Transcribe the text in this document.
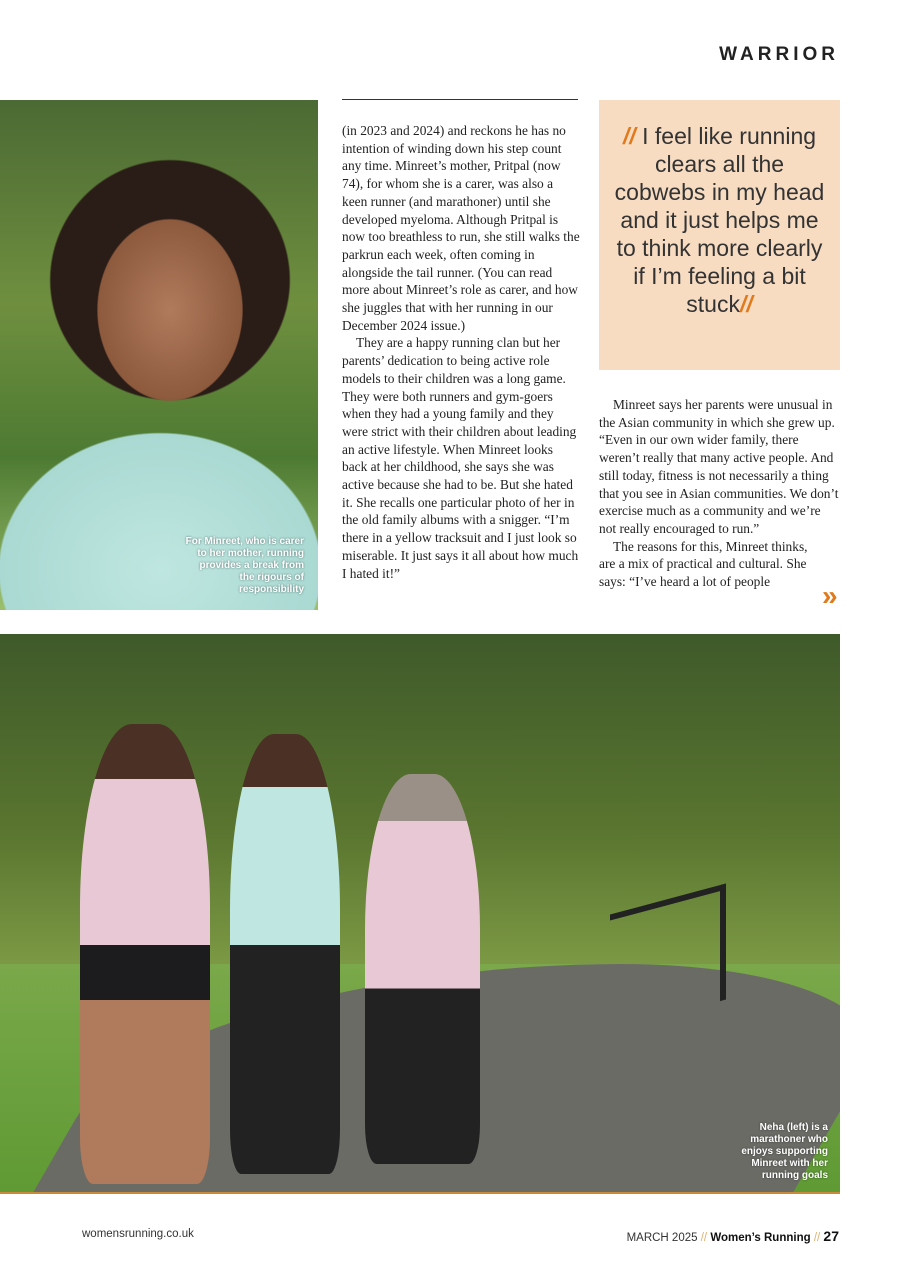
WARRIOR
For Minreet, who is carer to her mother, running provides a break from the rigours of responsibility

(in 2023 and 2024) and reckons he has no intention of winding down his step count any time. Minreet’s mother, Pritpal (now 74), for whom she is a carer, was also a keen runner (and marathoner) until she developed myeloma. Although Pritpal is now too breathless to run, she still walks the parkrun each week, often coming in alongside the tail runner. (You can read more about Minreet’s role as carer, and how she juggles that with her running in our December 2024 issue.)

They are a happy running clan but her parents’ dedication to being active role models to their children was a long game. They were both runners and gym-goers when they had a young family and they were strict with their children about leading an active lifestyle. When Minreet looks back at her childhood, she says she was active because she had to be. But she hated it. She recalls one particular photo of her in the old family albums with a snigger. “I’m there in a yellow tracksuit and I just look so miserable. It just says it all about how much I hated it!”

// I feel like running clears all the cobwebs in my head and it just helps me to think more clearly if I’m feeling a bit stuck//

Minreet says her parents were unusual in the Asian community in which she grew up. “Even in our own wider family, there weren’t really that many active people. And still today, fitness is not necessarily a thing that you see in Asian communities. We don’t exercise much as a community and we’re not really encouraged to run.”

The reasons for this, Minreet thinks, are a mix of practical and cultural. She says: “I’ve heard a lot of people	»
Neha (left) is a marathoner who enjoys supporting Minreet with her running goals
womensrunning.co.uk	MARCH 2025 // Women’s Running // 27
